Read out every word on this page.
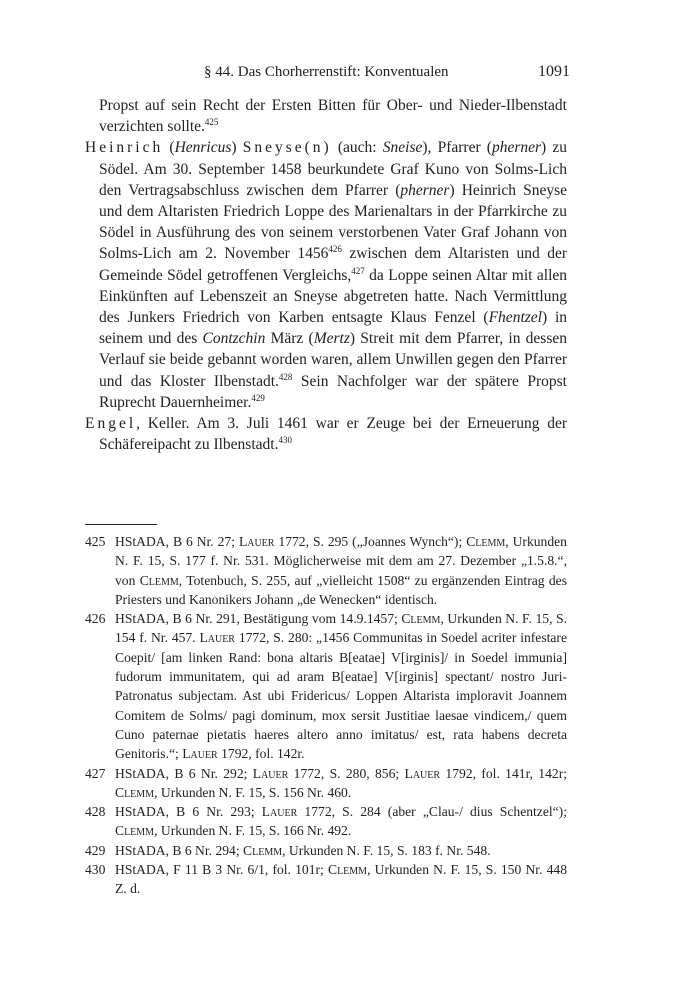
§ 44. Das Chorherrenstift: Konventualen	1091

Propst auf sein Recht der Ersten Bitten für Ober- und Nieder-Ilbenstadt verzichten sollte.$^{425}$

Heinrich (Henricus) Sneyse(n) (auch: Sneise), Pfarrer (pherner) zu Södel. Am 30. September 1458 beurkundete Graf Kuno von Solms-Lich den Vertragsabschluss zwischen dem Pfarrer (pherner) Heinrich Sneyse und dem Altaristen Friedrich Loppe des Marienaltars in der Pfarrkirche zu Södel in Ausführung des von seinem verstorbenen Vater Graf Johann von Solms-Lich am 2. November 1456$^{426}$ zwischen dem Altaristen und der Gemeinde Södel getroffenen Vergleichs,$^{427}$ da Loppe seinen Altar mit allen Einkünften auf Lebenszeit an Sneyse abgetreten hatte. Nach Vermittlung des Junkers Friedrich von Karben entsagte Klaus Fenzel (Fhentzel) in seinem und des Contzchin März (Mertz) Streit mit dem Pfarrer, in dessen Verlauf sie beide gebannt worden waren, allem Unwillen gegen den Pfarrer und das Kloster Ilbenstadt.$^{428}$ Sein Nachfolger war der spätere Propst Ruprecht Dauernheimer.$^{429}$

Engel, Keller. Am 3. Juli 1461 war er Zeuge bei der Erneuerung der Schäfereipacht zu Ilbenstadt.$^{430}$

425 HStADA, B 6 Nr. 27; Lauer 1772, S. 295 („Joannes Wynch“); Clemm, Urkunden N. F. 15, S. 177 f. Nr. 531. Möglicherweise mit dem am 27. Dezember „1.5.8.“, von Clemm, Totenbuch, S. 255, auf „vielleicht 1508“ zu ergänzenden Eintrag des Priesters und Kanonikers Johann „de Wenecken“ identisch.

426 HStADA, B 6 Nr. 291, Bestätigung vom 14.9.1457; Clemm, Urkunden N. F. 15, S. 154 f. Nr. 457. Lauer 1772, S. 280: „1456 Communitas in Soedel acriter infestare Coepit/ [am linken Rand: bona altaris B[eatae] V[irginis]/ in Soedel immunia] fudorum immunitatem, qui ad aram B[eatae] V[irginis] spectant/ nostro Juri-Patronatus subjectam. Ast ubi Fridericus/ Loppen Altarista imploravit Joannem Comitem de Solms/ pagi dominum, mox sersit Justitiae laesae vindicem,/ quem Cuno paternae pietatis haeres altero anno imitatus/ est, rata habens decreta Genitoris.“; Lauer 1792, fol. 142r.

427 HStADA, B 6 Nr. 292; Lauer 1772, S. 280, 856; Lauer 1792, fol. 141r, 142r; Clemm, Urkunden N. F. 15, S. 156 Nr. 460.

428 HStADA, B 6 Nr. 293; Lauer 1772, S. 284 (aber „Clau-/ dius Schentzel“); Clemm, Urkunden N. F. 15, S. 166 Nr. 492.

429 HStADA, B 6 Nr. 294; Clemm, Urkunden N. F. 15, S. 183 f. Nr. 548.

430 HStADA, F 11 B 3 Nr. 6/1, fol. 101r; Clemm, Urkunden N. F. 15, S. 150 Nr. 448 Z. d.
